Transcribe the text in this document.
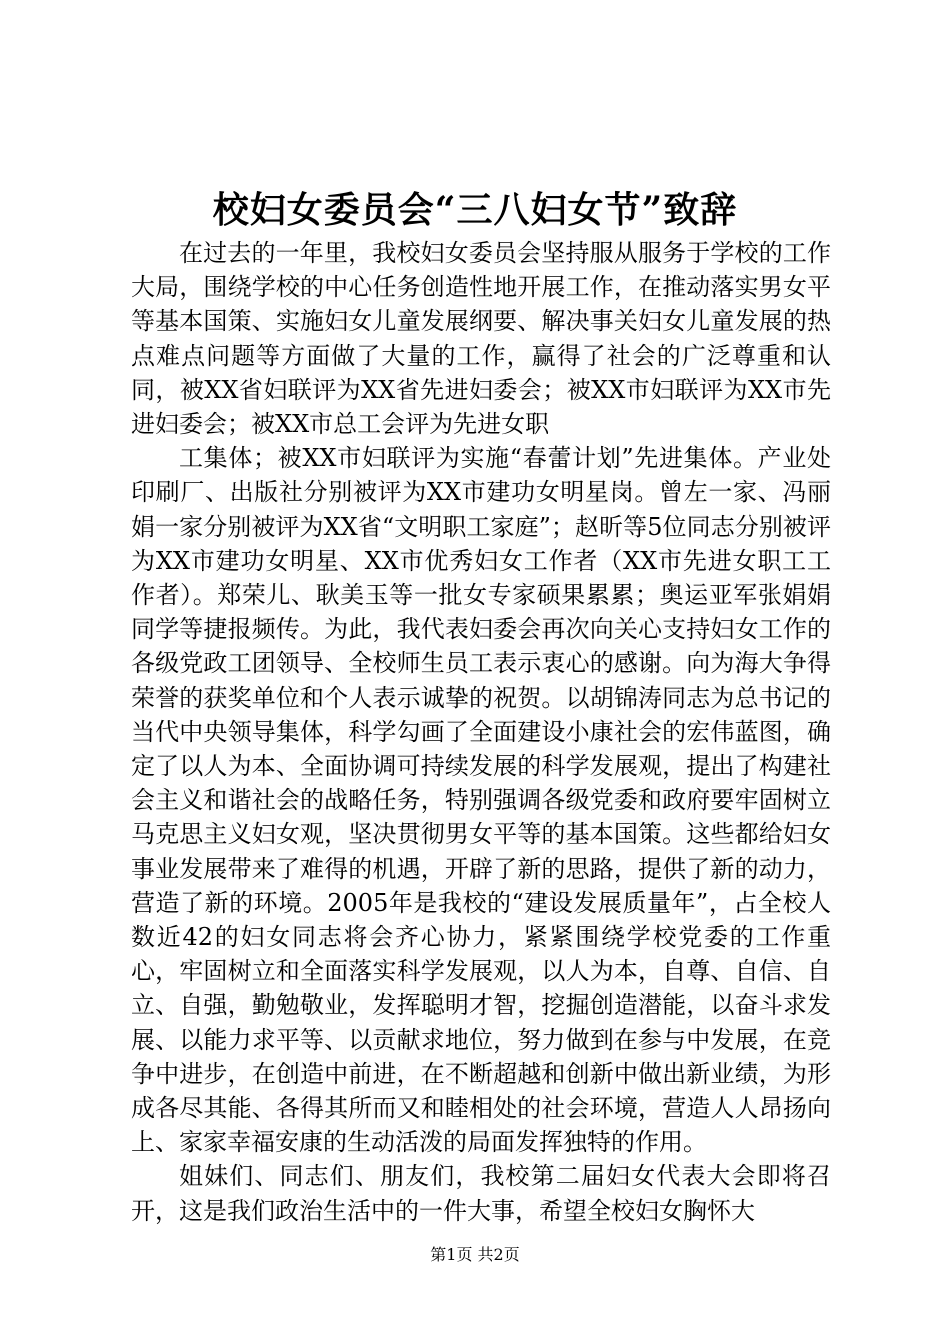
校妇女委员会“三八妇女节”致辞

在过去的一年里，我校妇女委员会坚持服从服务于学校的工作大局，围绕学校的中心任务创造性地开展工作，在推动落实男女平等基本国策、实施妇女儿童发展纲要、解决事关妇女儿童发展的热点难点问题等方面做了大量的工作，赢得了社会的广泛尊重和认同，被XX省妇联评为XX省先进妇委会；被XX市妇联评为XX市先进妇委会；被XX市总工会评为先进女职

工集体；被XX市妇联评为实施“春蕾计划”先进集体。产业处印刷厂、出版社分别被评为XX市建功女明星岗。曾左一家、冯丽娟一家分别被评为XX省“文明职工家庭”；赵昕等5位同志分别被评为XX市建功女明星、XX市优秀妇女工作者（XX市先进女职工工作者）。郑荣儿、耿美玉等一批女专家硕果累累；奥运亚军张娟娟同学等捷报频传。为此，我代表妇委会再次向关心支持妇女工作的各级党政工团领导、全校师生员工表示衷心的感谢。向为海大争得荣誉的获奖单位和个人表示诚挚的祝贺。以胡锦涛同志为总书记的当代中央领导集体，科学勾画了全面建设小康社会的宏伟蓝图，确定了以人为本、全面协调可持续发展的科学发展观，提出了构建社会主义和谐社会的战略任务，特别强调各级党委和政府要牢固树立马克思主义妇女观，坚决贯彻男女平等的基本国策。这些都给妇女事业发展带来了难得的机遇，开辟了新的思路，提供了新的动力，营造了新的环境。2005年是我校的“建设发展质量年”，占全校人数近42的妇女同志将会齐心协力，紧紧围绕学校党委的工作重心，牢固树立和全面落实科学发展观，以人为本，自尊、自信、自立、自强，勤勉敬业，发挥聪明才智，挖掘创造潜能，以奋斗求发展、以能力求平等、以贡献求地位，努力做到在参与中发展，在竞争中进步，在创造中前进，在不断超越和创新中做出新业绩，为形成各尽其能、各得其所而又和睦相处的社会环境，营造人人昂扬向上、家家幸福安康的生动活泼的局面发挥独特的作用。

姐妹们、同志们、朋友们，我校第二届妇女代表大会即将召开，这是我们政治生活中的一件大事，希望全校妇女胸怀大

第1页 共2页
